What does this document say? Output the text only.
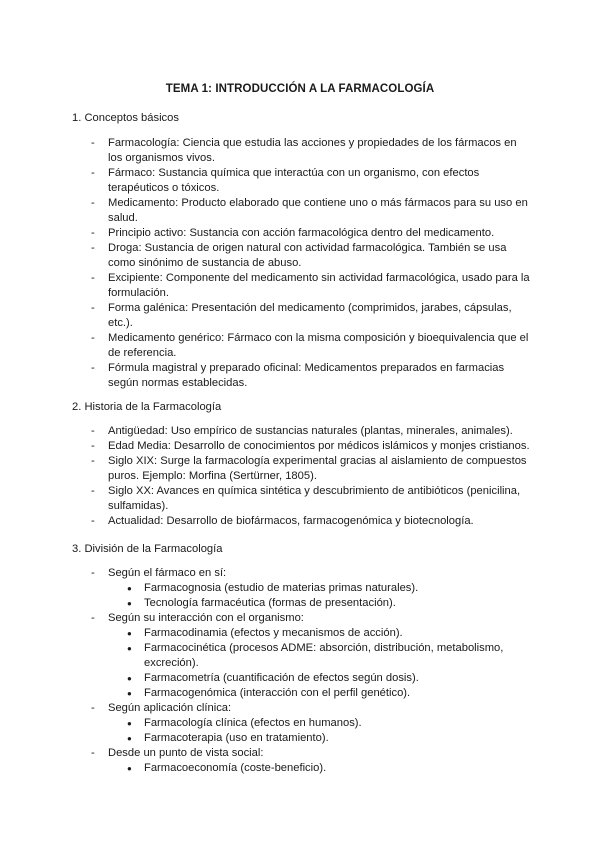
TEMA 1: INTRODUCCIÓN A LA FARMACOLOGÍA
1. Conceptos básicos
- Farmacología: Ciencia que estudia las acciones y propiedades de los fármacos en los organismos vivos.
- Fármaco: Sustancia química que interactúa con un organismo, con efectos terapéuticos o tóxicos.
- Medicamento: Producto elaborado que contiene uno o más fármacos para su uso en salud.
- Principio activo: Sustancia con acción farmacológica dentro del medicamento.
- Droga: Sustancia de origen natural con actividad farmacológica. También se usa como sinónimo de sustancia de abuso.
- Excipiente: Componente del medicamento sin actividad farmacológica, usado para la formulación.
- Forma galénica: Presentación del medicamento (comprimidos, jarabes, cápsulas, etc.).
- Medicamento genérico: Fármaco con la misma composición y bioequivalencia que el de referencia.
- Fórmula magistral y preparado oficinal: Medicamentos preparados en farmacias según normas establecidas.
2. Historia de la Farmacología
- Antigüedad: Uso empírico de sustancias naturales (plantas, minerales, animales).
- Edad Media: Desarrollo de conocimientos por médicos islámicos y monjes cristianos.
- Siglo XIX: Surge la farmacología experimental gracias al aislamiento de compuestos puros. Ejemplo: Morfina (Sertürner, 1805).
- Siglo XX: Avances en química sintética y descubrimiento de antibióticos (penicilina, sulfamidas).
- Actualidad: Desarrollo de biofármacos, farmacogenómica y biotecnología.
3. División de la Farmacología
- Según el fármaco en sí:
● Farmacognosia (estudio de materias primas naturales).
● Tecnología farmacéutica (formas de presentación).
- Según su interacción con el organismo:
● Farmacodinamia (efectos y mecanismos de acción).
● Farmacocinética (procesos ADME: absorción, distribución, metabolismo, excreción).
● Farmacometría (cuantificación de efectos según dosis).
● Farmacogenómica (interacción con el perfil genético).
- Según aplicación clínica:
● Farmacología clínica (efectos en humanos).
● Farmacoterapia (uso en tratamiento).
- Desde un punto de vista social:
● Farmacoeconomía (coste-beneficio).
